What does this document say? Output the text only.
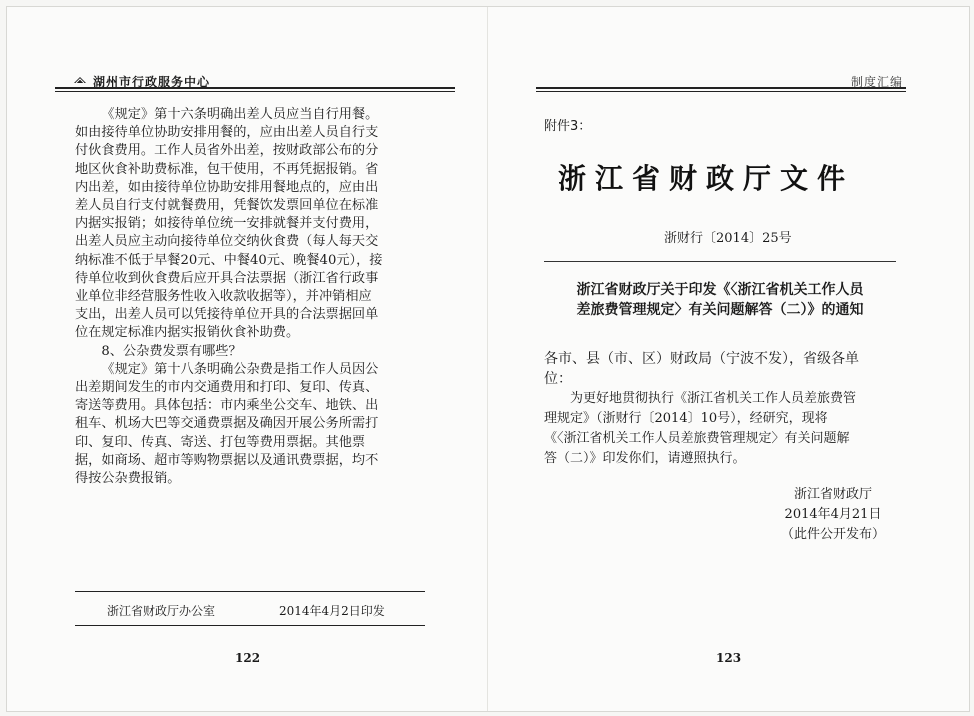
湖州市行政服务中心
《规定》第十六条明确出差人员应当自行用餐。
如由接待单位协助安排用餐的，应由出差人员自行支
付伙食费用。工作人员省外出差，按财政部公布的分
地区伙食补助费标准，包干使用，不再凭据报销。省
内出差，如由接待单位协助安排用餐地点的，应由出
差人员自行支付就餐费用，凭餐饮发票回单位在标准
内据实报销；如接待单位统一安排就餐并支付费用，
出差人员应主动向接待单位交纳伙食费（每人每天交
纳标准不低于早餐20元、中餐40元、晚餐40元），接
待单位收到伙食费后应开具合法票据（浙江省行政事
业单位非经营服务性收入收款收据等），并冲销相应
支出，出差人员可以凭接待单位开具的合法票据回单
位在规定标准内据实报销伙食补助费。
8、公杂费发票有哪些？
《规定》第十八条明确公杂费是指工作人员因公
出差期间发生的市内交通费用和打印、复印、传真、
寄送等费用。具体包括：市内乘坐公交车、地铁、出
租车、机场大巴等交通费票据及确因开展公务所需打
印、复印、传真、寄送、打包等费用票据。其他票
据，如商场、超市等购物票据以及通讯费票据，均不
得按公杂费报销。
浙江省财政厅办公室	2014年4月2日印发
122
制度汇编
附件3：
浙江省财政厅文件
浙财行〔2014〕25号
浙江省财政厅关于印发《〈浙江省机关工作人员
差旅费管理规定〉有关问题解答（二）》的通知
各市、县（市、区）财政局（宁波不发），省级各单
位：
为更好地贯彻执行《浙江省机关工作人员差旅费管
理规定》（浙财行〔2014〕10号），经研究，现将
《〈浙江省机关工作人员差旅费管理规定〉有关问题解
答（二）》印发你们，请遵照执行。
浙江省财政厅
2014年4月21日
（此件公开发布）
123
